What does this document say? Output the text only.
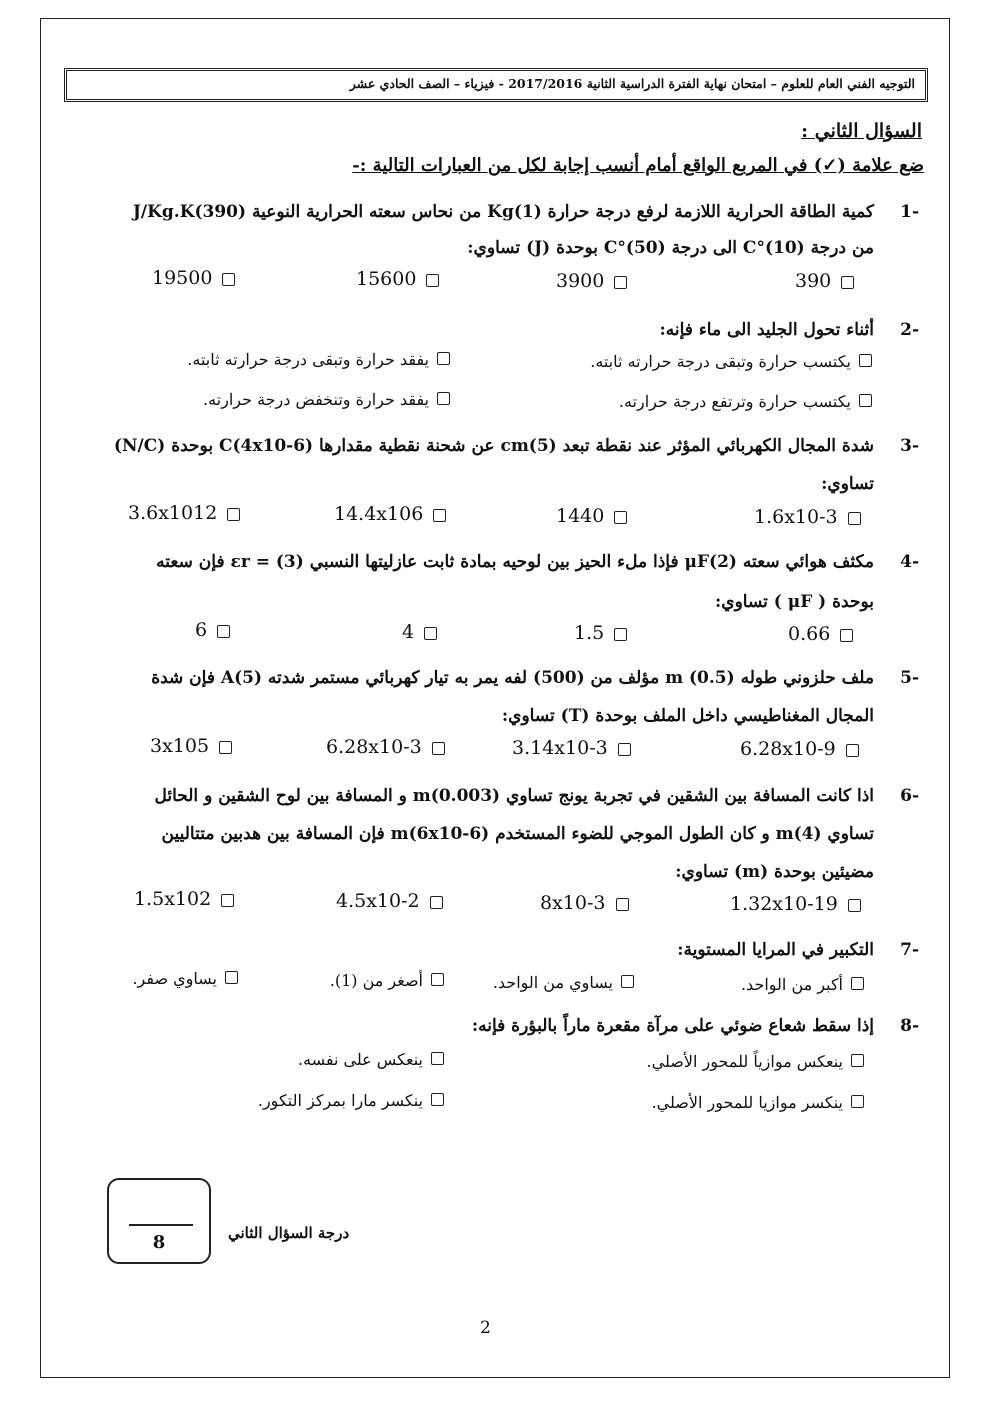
التوجيه الفني العام للعلوم – امتحان نهاية الفترة الدراسية الثانية 2017/2016 - فيزياء – الصف الحادي عشر
السؤال الثاني :
ضع علامة (✓) في المربع الواقع أمام أنسب إجابة لكل من العبارات التالية :-
1-
كمية الطاقة الحرارية اللازمة لرفع درجة حرارة Kg(1) من نحاس سعته الحرارية النوعية J/Kg.K(390)
من درجة C°(10) الى درجة C°(50) بوحدة (J) تساوي:
390
3900
15600
19500
2-
أثناء تحول الجليد الى ماء فإنه:
يكتسب حرارة وتبقى درجة حرارته ثابته.
يفقد حرارة وتبقى درجة حرارته ثابته.
يكتسب حرارة وترتفع درجة حرارته.
يفقد حرارة وتنخفض درجة حرارته.
3-
شدة المجال الكهربائي المؤثر عند نقطة تبعد cm(5) عن شحنة نقطية مقدارها C(4x10-6) بوحدة (N/C)
تساوي:
1.6x10-3
1440
14.4x106
3.6x1012
4-
مكثف هوائي سعته μF(2) فإذا ملء الحيز بين لوحيه بمادة ثابت عازليتها النسبي (3) = εr فإن سعته
بوحدة ( μF ) تساوي:
0.66
1.5
4
6
5-
ملف حلزوني طوله m (0.5) مؤلف من (500) لفه يمر به تيار كهربائي مستمر شدته A(5) فإن شدة
المجال المغناطيسي داخل الملف بوحدة (T) تساوي:
6.28x10-9
3.14x10-3
6.28x10-3
3x105
6-
اذا كانت المسافة بين الشقين في تجربة يونج تساوي m(0.003) و المسافة بين لوح الشقين و الحائل
تساوي m(4) و كان الطول الموجي للضوء المستخدم m(6x10-6) فإن المسافة بين هدبين متتاليين
مضيئين بوحدة (m) تساوي:
1.32x10-19
8x10-3
4.5x10-2
1.5x102
7-
التكبير في المرايا المستوية:
أكبر من الواحد.
يساوي من الواحد.
أصغر من (1).
يساوي صفر.
8-
إذا سقط شعاع ضوئي على مرآة مقعرة ماراً بالبؤرة فإنه:
ينعكس موازياً للمحور الأصلي.
ينعكس على نفسه.
ينكسر موازيا للمحور الأصلي.
ينكسر مارا بمركز التكور.
8	درجة السؤال الثاني
2
